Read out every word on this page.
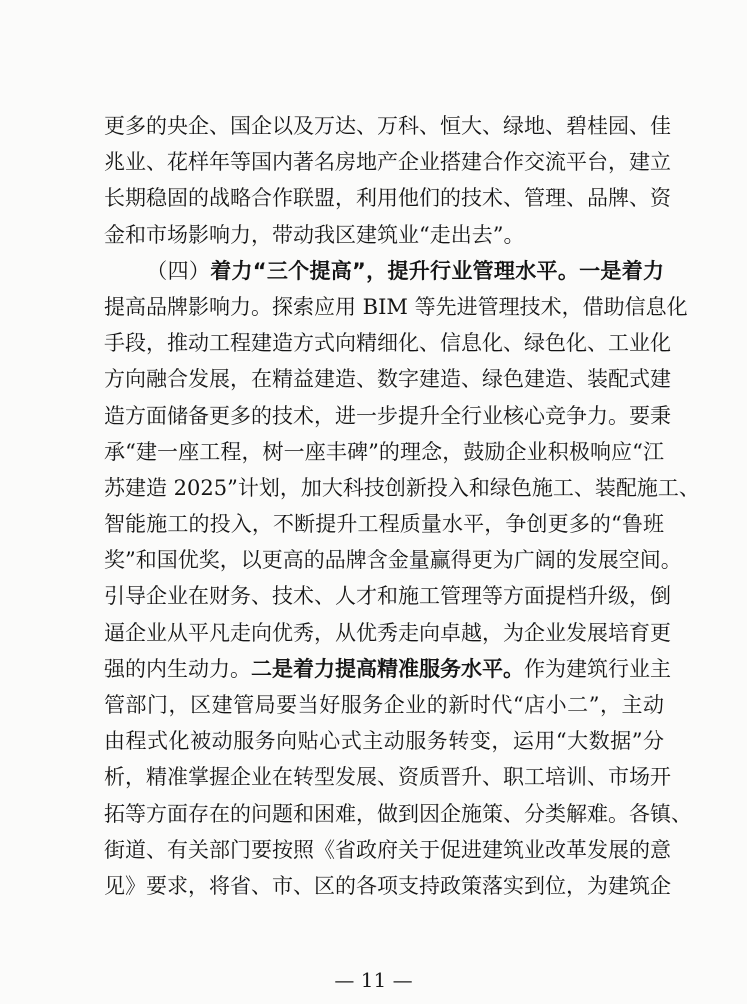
更多的央企、国企以及万达、万科、恒大、绿地、碧桂园、佳
兆业、花样年等国内著名房地产企业搭建合作交流平台，建立
长期稳固的战略合作联盟，利用他们的技术、管理、品牌、资
金和市场影响力，带动我区建筑业“走出去”。
  （四）着力“三个提高”，提升行业管理水平。一是着力
提高品牌影响力。探索应用 BIM 等先进管理技术，借助信息化
手段，推动工程建造方式向精细化、信息化、绿色化、工业化
方向融合发展，在精益建造、数字建造、绿色建造、装配式建
造方面储备更多的技术，进一步提升全行业核心竞争力。要秉
承“建一座工程，树一座丰碑”的理念，鼓励企业积极响应“江
苏建造 2025”计划，加大科技创新投入和绿色施工、装配施工、
智能施工的投入，不断提升工程质量水平，争创更多的“鲁班
奖”和国优奖，以更高的品牌含金量赢得更为广阔的发展空间。
引导企业在财务、技术、人才和施工管理等方面提档升级，倒
逼企业从平凡走向优秀，从优秀走向卓越，为企业发展培育更
强的内生动力。二是着力提高精准服务水平。作为建筑行业主
管部门，区建管局要当好服务企业的新时代“店小二”，主动
由程式化被动服务向贴心式主动服务转变，运用“大数据”分
析，精准掌握企业在转型发展、资质晋升、职工培训、市场开
拓等方面存在的问题和困难，做到因企施策、分类解难。各镇、
街道、有关部门要按照《省政府关于促进建筑业改革发展的意
见》要求，将省、市、区的各项支持政策落实到位，为建筑企
— 11 —
